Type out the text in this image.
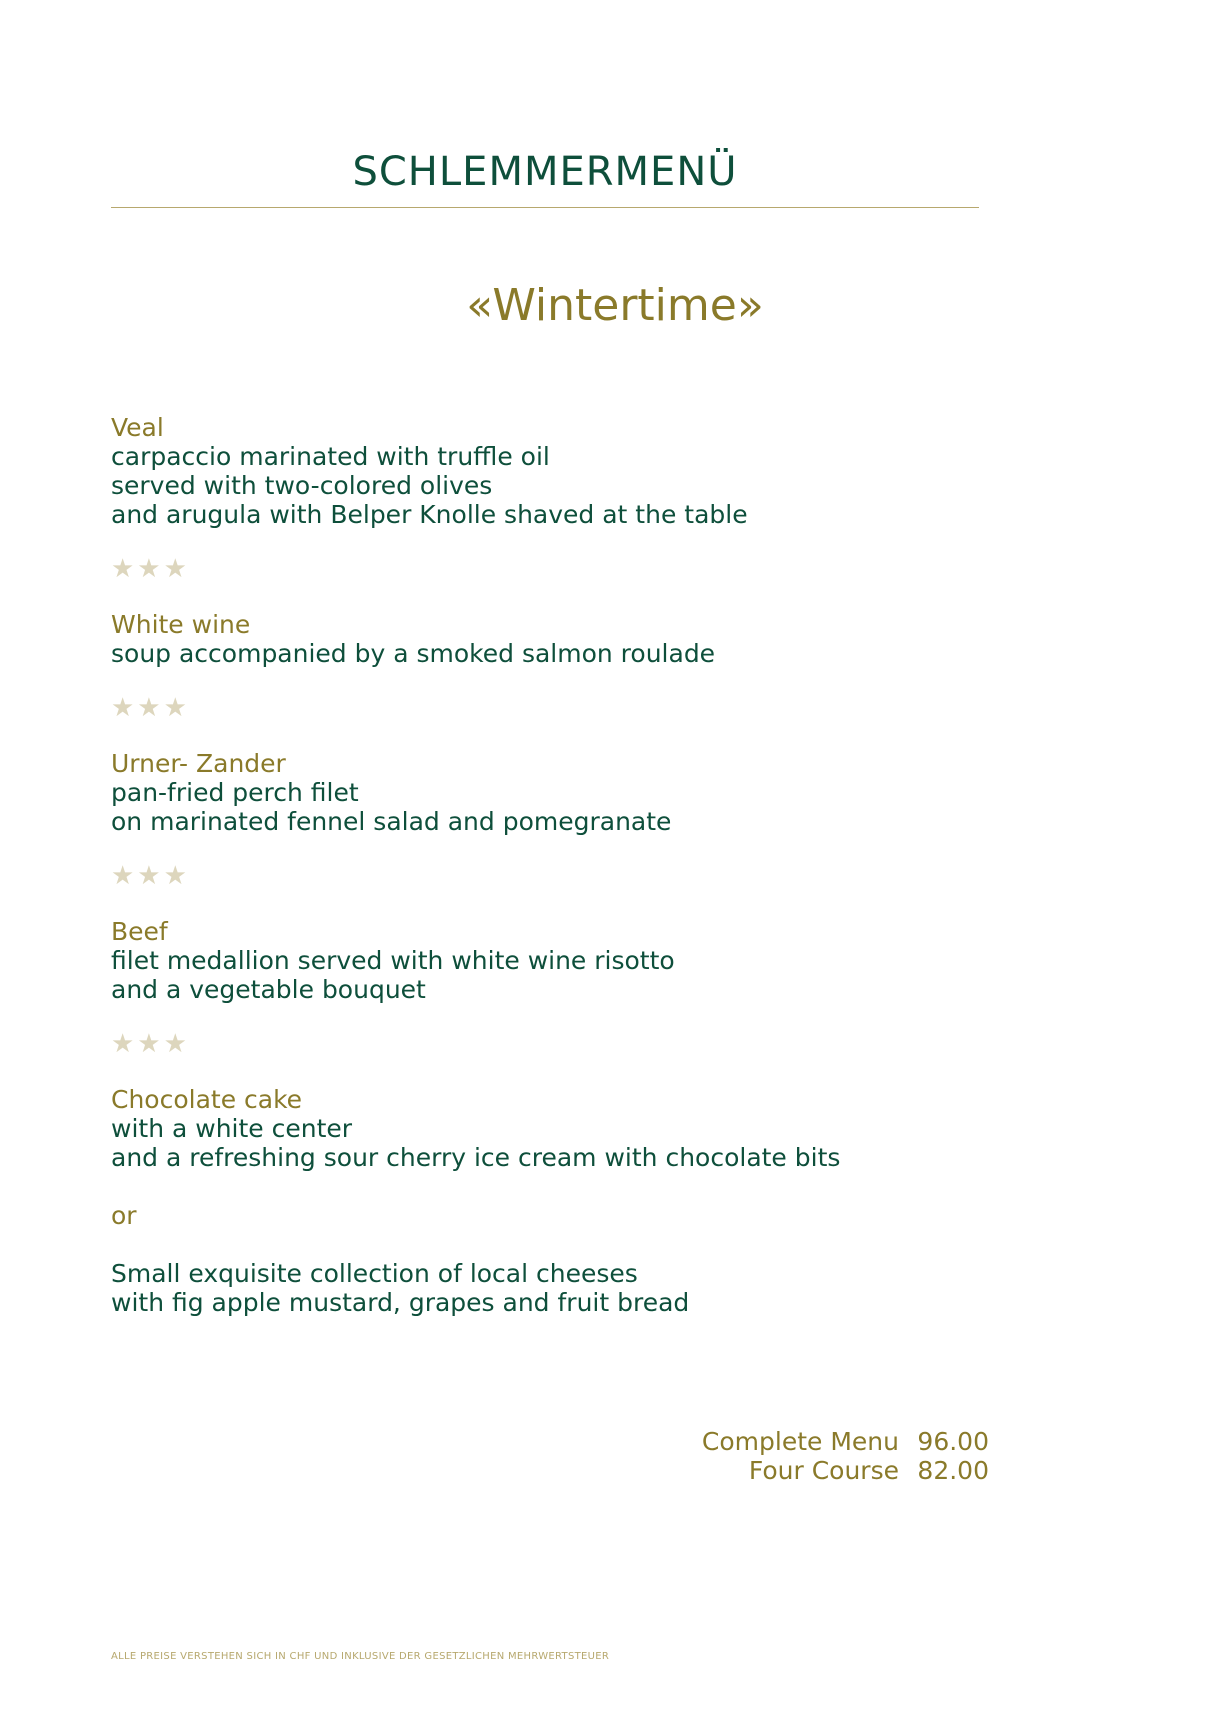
SCHLEMMERMENÜ
«Wintertime»
Veal
carpaccio marinated with truffle oil
served with two-colored olives
and arugula with Belper Knolle shaved at the table
★★★
White wine
soup accompanied by a smoked salmon roulade
★★★
Urner- Zander
pan-fried perch filet
on marinated fennel salad and pomegranate
★★★
Beef
filet medallion served with white wine risotto
and a vegetable bouquet
★★★
Chocolate cake
with a white center
and a refreshing sour cherry ice cream with chocolate bits
or
Small exquisite collection of local cheeses
with fig apple mustard, grapes and fruit bread
Complete Menu 96.00
Four Course 82.00
ALLE PREISE VERSTEHEN SICH IN CHF UND INKLUSIVE DER GESETZLICHEN MEHRWERTSTEUER
